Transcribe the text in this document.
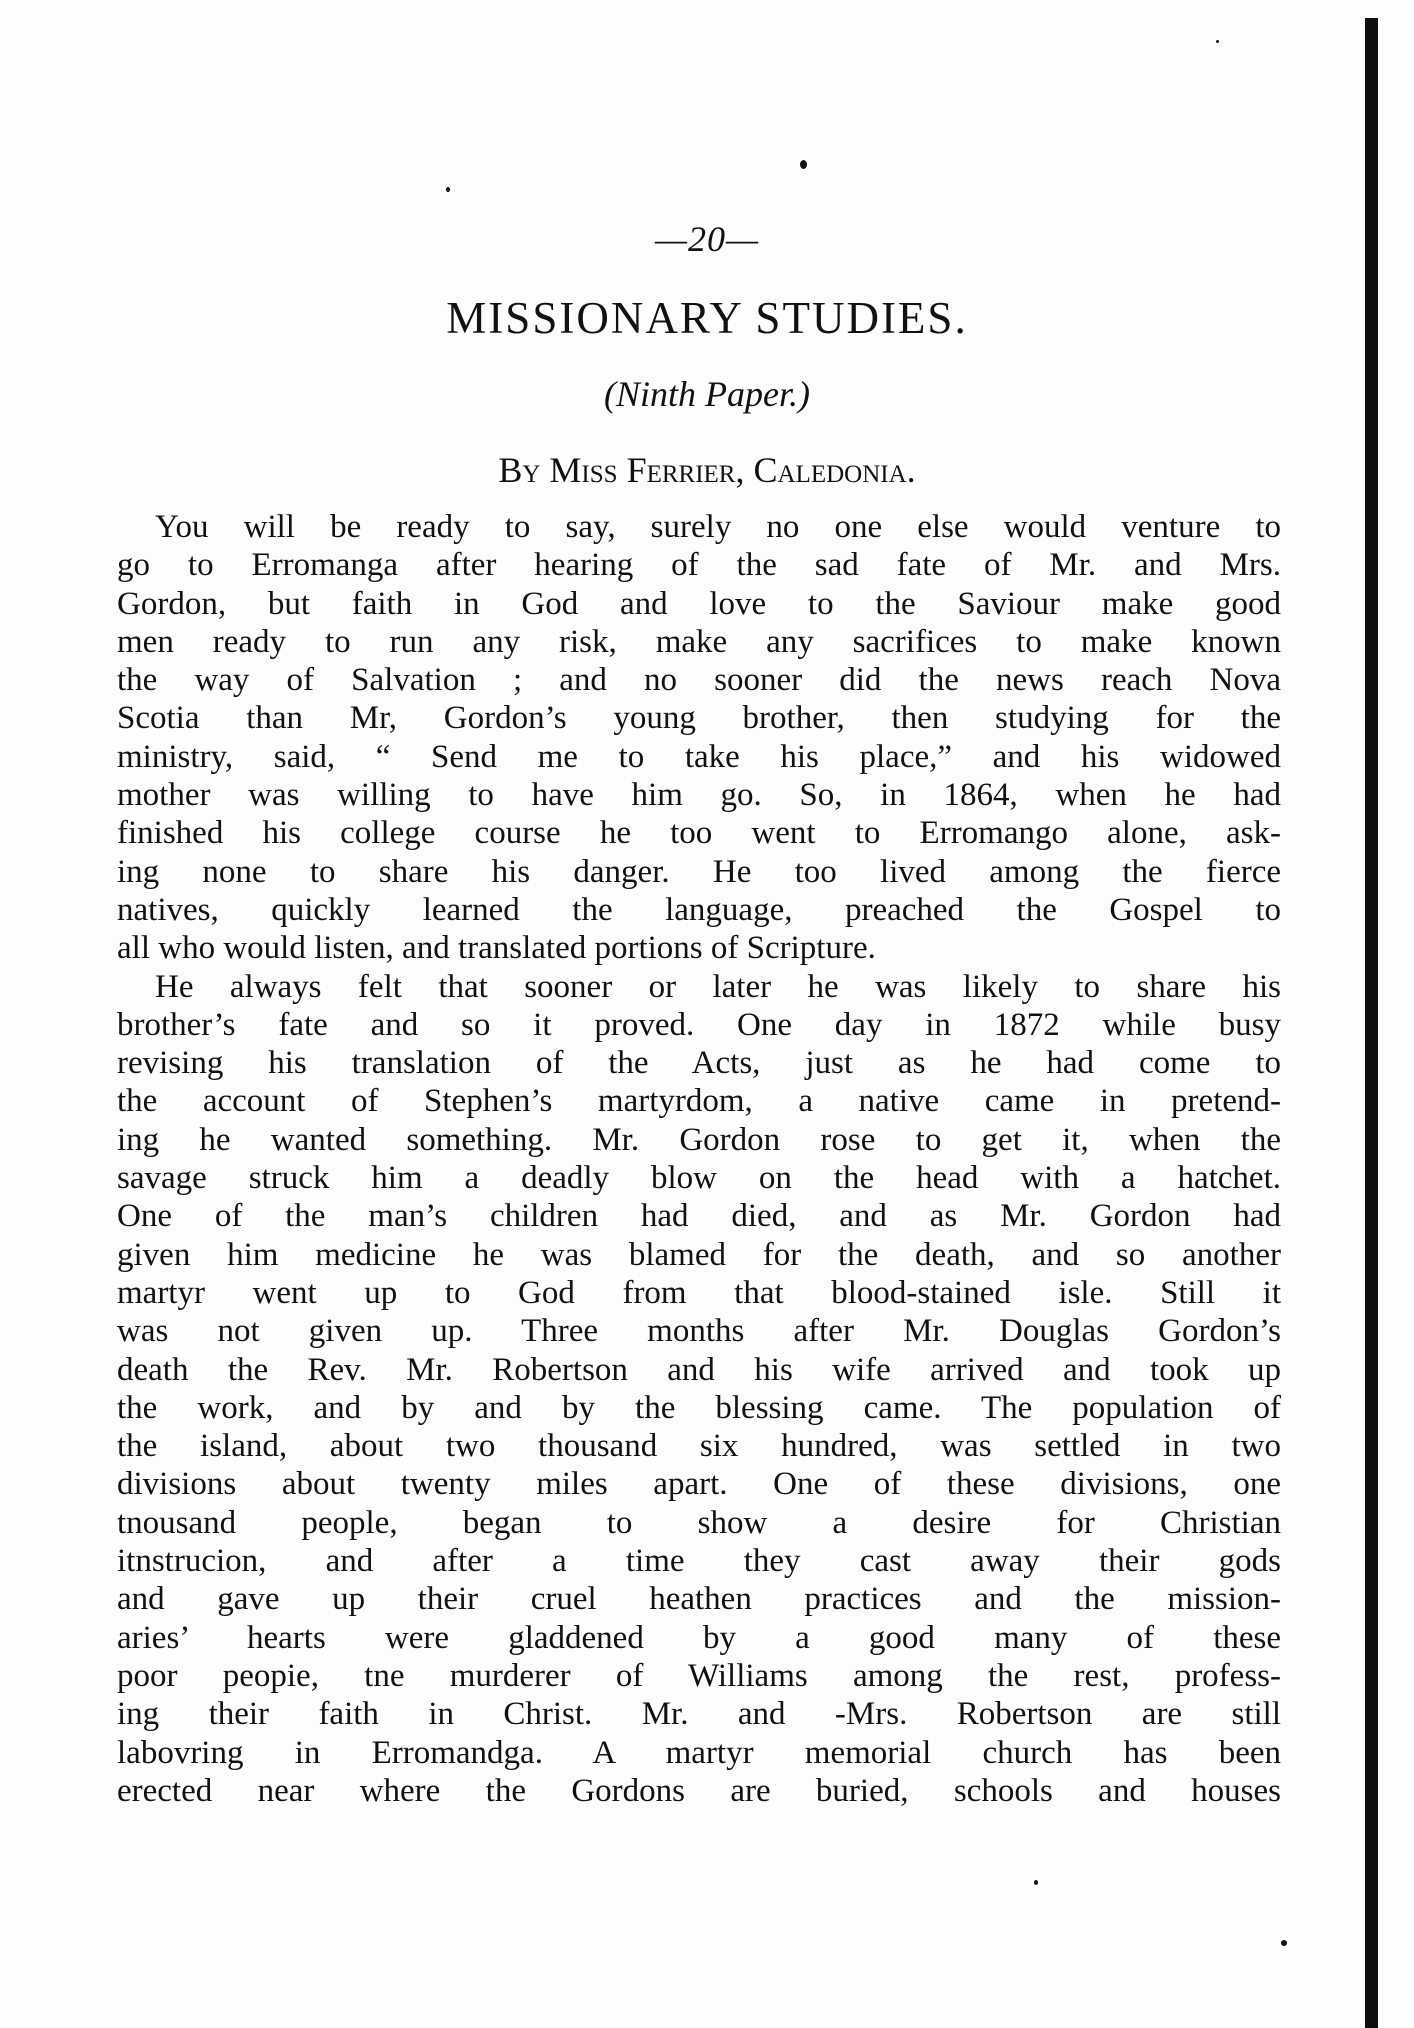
—20—
MISSIONARY STUDIES.
(Ninth Paper.)
By Miss Ferrier, Caledonia.
You will be ready to say, surely no one else would venture to
go to Erromanga after hearing of the sad fate of Mr. and Mrs.
Gordon, but faith in God and love to the Saviour make good
men ready to run any risk, make any sacrifices to make known
the way of Salvation ; and no sooner did the news reach Nova
Scotia than Mr, Gordon’s young brother, then studying for the
ministry, said, “ Send me to take his place,” and his widowed
mother was willing to have him go. So, in 1864, when he had
finished his college course he too went to Erromango alone, ask-
ing none to share his danger. He too lived among the fierce
natives, quickly learned the language, preached the Gospel to
all who would listen, and translated portions of Scripture.
He always felt that sooner or later he was likely to share his
brother’s fate and so it proved. One day in 1872 while busy
revising his translation of the Acts, just as he had come to
the account of Stephen’s martyrdom, a native came in pretend-
ing he wanted something. Mr. Gordon rose to get it, when the
savage struck him a deadly blow on the head with a hatchet.
One of the man’s children had died, and as Mr. Gordon had
given him medicine he was blamed for the death, and so another
martyr went up to God from that blood-stained isle. Still it
was not given up. Three months after Mr. Douglas Gordon’s
death the Rev. Mr. Robertson and his wife arrived and took up
the work, and by and by the blessing came. The population of
the island, about two thousand six hundred, was settled in two
divisions about twenty miles apart. One of these divisions, one
tnousand people, began to show a desire for Christian
itnstrucion, and after a time they cast away their gods
and gave up their cruel heathen practices and the mission-
aries’ hearts were gladdened by a good many of these
poor peopie, tne murderer of Williams among the rest, profess-
ing their faith in Christ. Mr. and -Mrs. Robertson are still
labovring in Erromandga. A martyr memorial church has been
erected near where the Gordons are buried, schools and houses
